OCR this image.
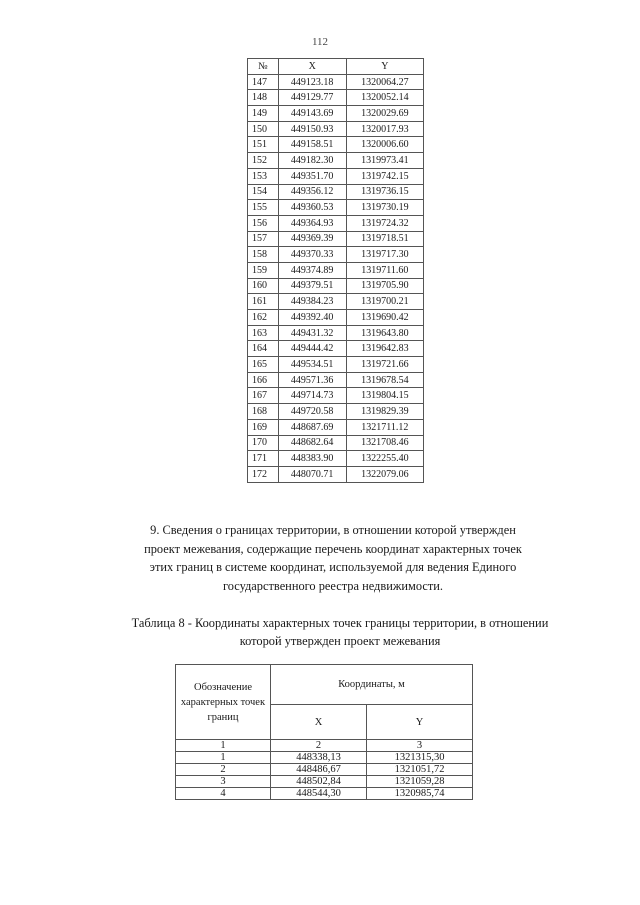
112
№	X	Y
147	449123.18	1320064.27
148	449129.77	1320052.14
149	449143.69	1320029.69
150	449150.93	1320017.93
151	449158.51	1320006.60
152	449182.30	1319973.41
153	449351.70	1319742.15
154	449356.12	1319736.15
155	449360.53	1319730.19
156	449364.93	1319724.32
157	449369.39	1319718.51
158	449370.33	1319717.30
159	449374.89	1319711.60
160	449379.51	1319705.90
161	449384.23	1319700.21
162	449392.40	1319690.42
163	449431.32	1319643.80
164	449444.42	1319642.83
165	449534.51	1319721.66
166	449571.36	1319678.54
167	449714.73	1319804.15
168	449720.58	1319829.39
169	448687.69	1321711.12
170	448682.64	1321708.46
171	448383.90	1322255.40
172	448070.71	1322079.06

9. Сведения о границах территории, в отношении которой утвержден проект межевания, содержащие перечень координат характерных точек этих границ в системе координат, используемой для ведения Единого государственного реестра недвижимости.

Таблица 8 - Координаты характерных точек границы территории, в отношении которой утвержден проект межевания

Обозначение характерных точек границ	Координаты, м	
	X	Y
1	2	3
1	448338,13	1321315,30
2	448486,67	1321051,72
3	448502,84	1321059,28
4	448544,30	1320985,74
